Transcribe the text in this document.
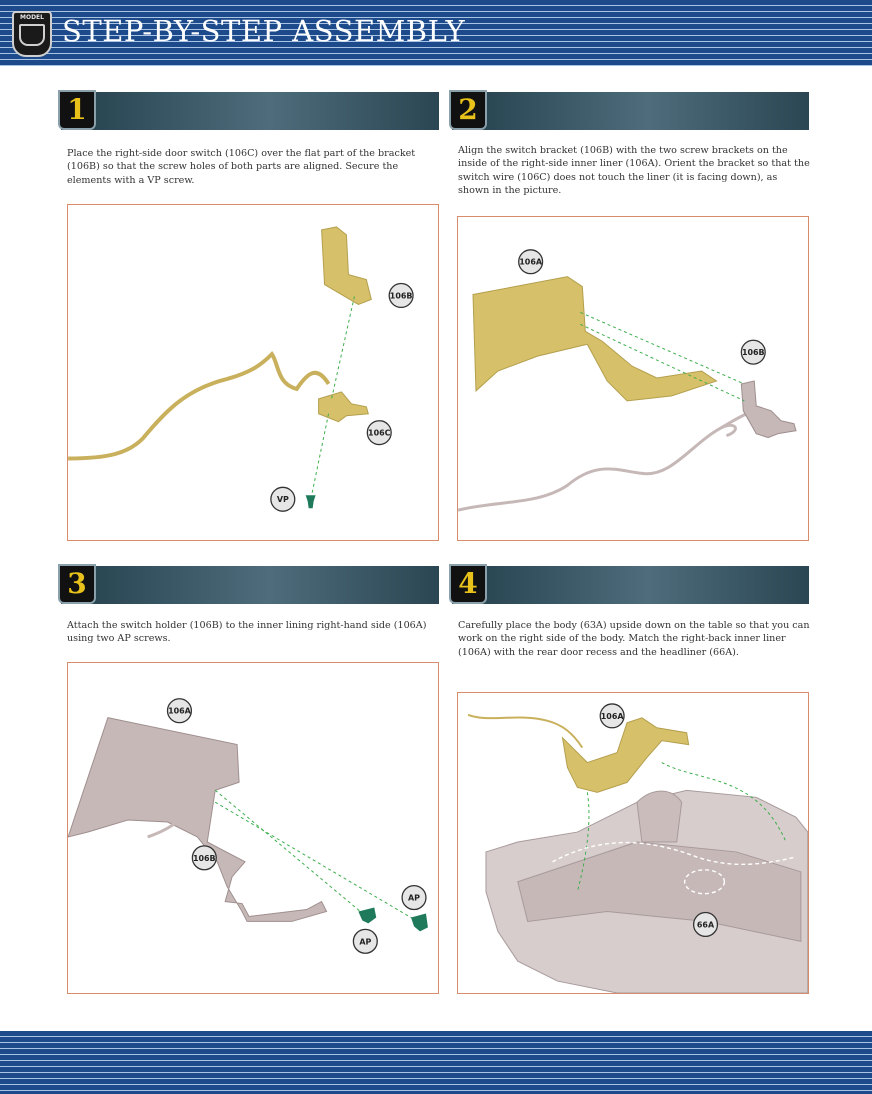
MODEL STEP-BY-STEP ASSEMBLY
1
Place the right-side door switch (106C) over the flat part of the bracket (106B) so that the screw holes of both parts are aligned. Secure the elements with a VP screw.
106B
106C
VP
2
Align the switch bracket (106B) with the two screw brackets on the inside of the right-side inner liner (106A). Orient the bracket so that the switch wire (106C) does not touch the liner (it is facing down), as shown in the picture.
106A
106B
3
Attach the switch holder (106B) to the inner lining right-hand side (106A) using two AP screws.
106A
106B
AP
AP
4
Carefully place the body (63A) upside down on the table so that you can work on the right side of the body. Match the right-back inner liner (106A) with the rear door recess and the headliner (66A).
106A
66A
